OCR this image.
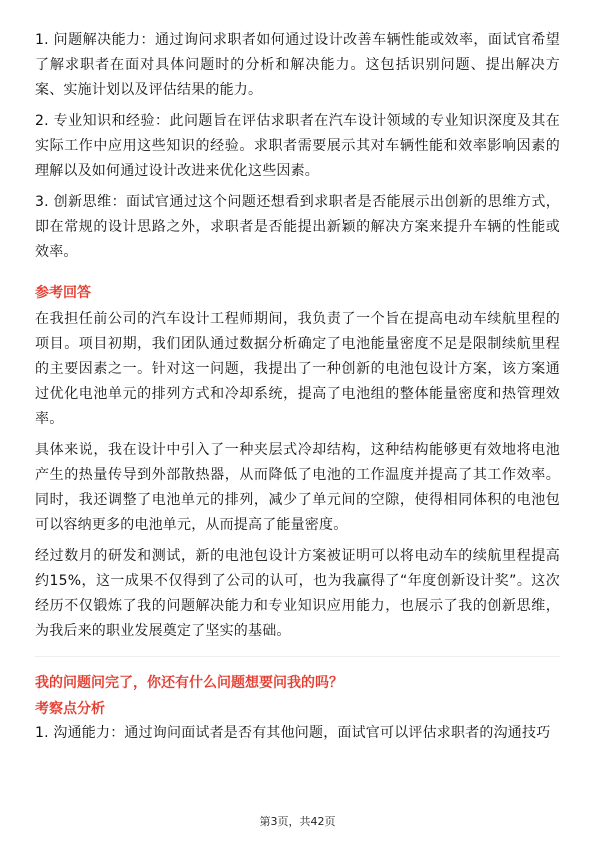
1. 问题解决能力：通过询问求职者如何通过设计改善车辆性能或效率，面试官希望了解求职者在面对具体问题时的分析和解决能力。这包括识别问题、提出解决方案、实施计划以及评估结果的能力。

2. 专业知识和经验：此问题旨在评估求职者在汽车设计领域的专业知识深度及其在实际工作中应用这些知识的经验。求职者需要展示其对车辆性能和效率影响因素的理解以及如何通过设计改进来优化这些因素。

3. 创新思维：面试官通过这个问题还想看到求职者是否能展示出创新的思维方式，即在常规的设计思路之外，求职者是否能提出新颖的解决方案来提升车辆的性能或效率。

参考回答

在我担任前公司的汽车设计工程师期间，我负责了一个旨在提高电动车续航里程的项目。项目初期，我们团队通过数据分析确定了电池能量密度不足是限制续航里程的主要因素之一。针对这一问题，我提出了一种创新的电池包设计方案，该方案通过优化电池单元的排列方式和冷却系统，提高了电池组的整体能量密度和热管理效率。

具体来说，我在设计中引入了一种夹层式冷却结构，这种结构能够更有效地将电池产生的热量传导到外部散热器，从而降低了电池的工作温度并提高了其工作效率。同时，我还调整了电池单元的排列，减少了单元间的空隙，使得相同体积的电池包可以容纳更多的电池单元，从而提高了能量密度。

经过数月的研发和测试，新的电池包设计方案被证明可以将电动车的续航里程提高约15%，这一成果不仅得到了公司的认可，也为我赢得了“年度创新设计奖”。这次经历不仅锻炼了我的问题解决能力和专业知识应用能力，也展示了我的创新思维，为我后来的职业发展奠定了坚实的基础。

我的问题问完了，你还有什么问题想要问我的吗？
考察点分析

1. 沟通能力：通过询问面试者是否有其他问题，面试官可以评估求职者的沟通技巧

第3页，共42页
